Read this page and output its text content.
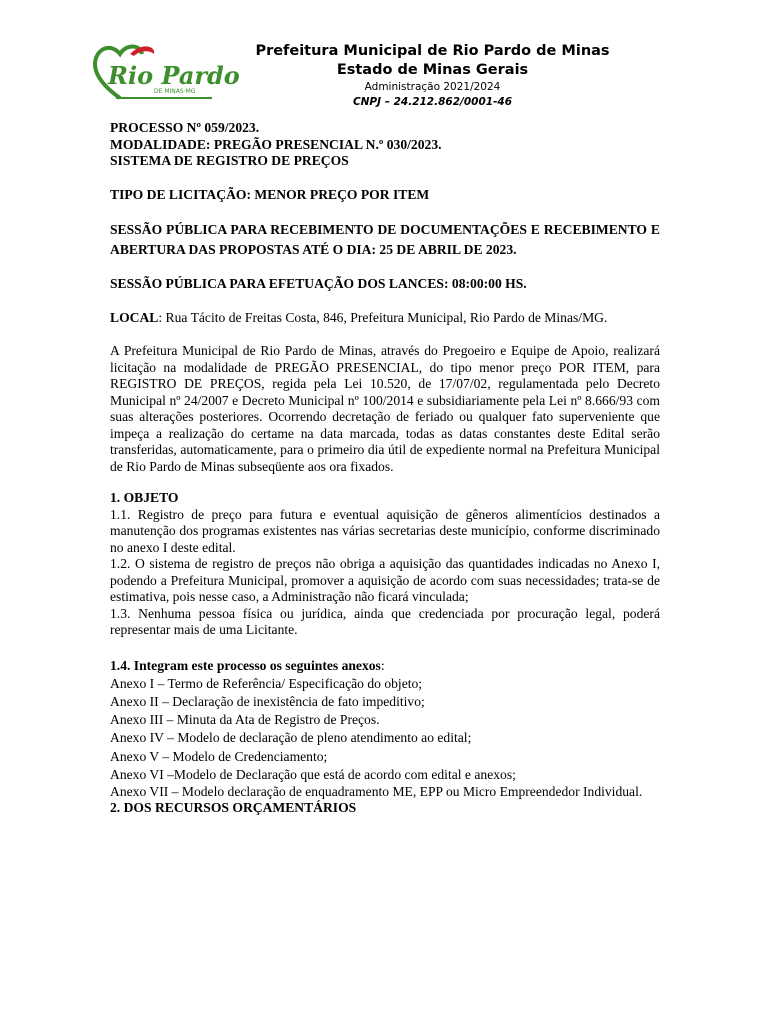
Rio Pardo
DE MINAS·MG
Prefeitura Municipal de Rio Pardo de Minas
Estado de Minas Gerais
Administração 2021/2024
CNPJ – 24.212.862/0001-46

PROCESSO Nº 059/2023.

MODALIDADE: PREGÃO PRESENCIAL N.º 030/2023.

SISTEMA DE REGISTRO DE PREÇOS

TIPO DE LICITAÇÃO: MENOR PREÇO POR ITEM

SESSÃO PÚBLICA PARA RECEBIMENTO DE DOCUMENTAÇÕES E RECEBIMENTO E ABERTURA DAS PROPOSTAS ATÉ O DIA: 25 DE ABRIL DE 2023.

SESSÃO PÚBLICA PARA EFETUAÇÃO DOS LANCES: 08:00:00 HS.

LOCAL: Rua Tácito de Freitas Costa, 846, Prefeitura Municipal, Rio Pardo de Minas/MG.

A Prefeitura Municipal de Rio Pardo de Minas, através do Pregoeiro e Equipe de Apoio, realizará licitação na modalidade de PREGÃO PRESENCIAL, do tipo menor preço POR ITEM, para REGISTRO DE PREÇOS, regida pela Lei 10.520, de 17/07/02, regulamentada pelo Decreto Municipal nº 24/2007 e Decreto Municipal nº 100/2014 e subsidiariamente pela Lei nº 8.666/93 com suas alterações posteriores. Ocorrendo decretação de feriado ou qualquer fato superveniente que impeça a realização do certame na data marcada, todas as datas constantes deste Edital serão transferidas, automaticamente, para o primeiro dia útil de expediente normal na Prefeitura Municipal de Rio Pardo de Minas subseqüente aos ora fixados.

1. OBJETO

1.1. Registro de preço para futura e eventual aquisição de gêneros alimentícios destinados a manutenção dos programas existentes nas várias secretarias deste município, conforme discriminado no anexo I deste edital.

1.2. O sistema de registro de preços não obriga a aquisição das quantidades indicadas no Anexo I, podendo a Prefeitura Municipal, promover a aquisição de acordo com suas necessidades; trata-se de estimativa, pois nesse caso, a Administração não ficará vinculada;

1.3. Nenhuma pessoa física ou jurídica, ainda que credenciada por procuração legal, poderá representar mais de uma Licitante.

1.4. Integram este processo os seguintes anexos:

Anexo I – Termo de Referência/ Especificação do objeto;

Anexo II – Declaração de inexistência de fato impeditivo;

Anexo III – Minuta da Ata de Registro de Preços.

Anexo IV – Modelo de declaração de pleno atendimento ao edital;

Anexo V – Modelo de Credenciamento;

Anexo VI –Modelo de Declaração que está de acordo com edital e anexos;

Anexo VII – Modelo declaração de enquadramento ME, EPP ou Micro Empreendedor Individual.

2. DOS RECURSOS ORÇAMENTÁRIOS
